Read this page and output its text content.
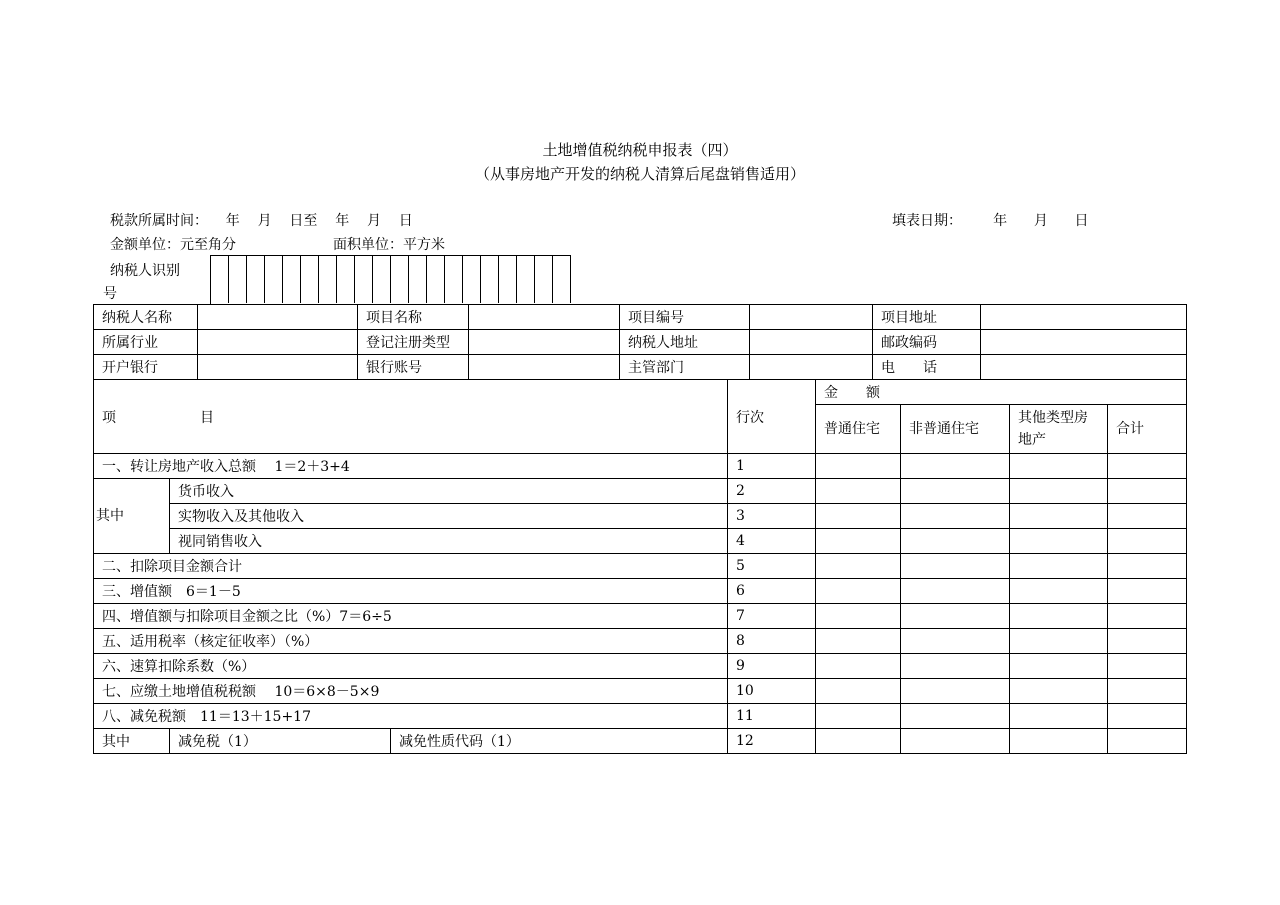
土地增值税纳税申报表（四）
（从事房地产开发的纳税人清算后尾盘销售适用）
税款所属时间：    年    月    日至    年    月    日	填表日期：       年      月      日
金额单位：元至角分	面积单位：平方米
纳税人识别
号
纳税人名称		项目名称		项目编号		项目地址	
所属行业		登记注册类型		纳税人地址		邮政编码	
开户银行		银行账号		主管部门		电　　话	
项　　　　　　目			行次	金　　额			
				普通住宅	非普通住宅	其他类型房地产	合计
一、转让房地产收入总额　 1＝2＋3+4			1				
其中	货币收入		2				
	实物收入及其他收入		3				
	视同销售收入		4				
二、扣除项目金额合计			5				
三、增值额　6＝1－5			6				
四、增值额与扣除项目金额之比（%）7＝6÷5			7				
五、适用税率（核定征收率）（%）			8				
六、速算扣除系数（%）			9				
七、应缴土地增值税税额　 10＝6×8－5×9			10				
八、减免税额　11＝13＋15+17			11				
其中	减免税（1）	减免性质代码（1）	12				
